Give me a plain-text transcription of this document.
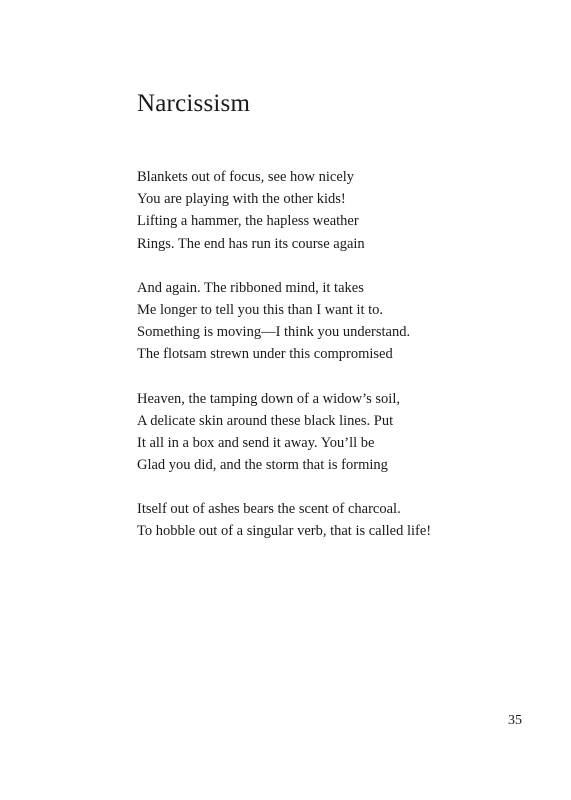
Narcissism
Blankets out of focus, see how nicely
You are playing with the other kids!
Lifting a hammer, the hapless weather
Rings. The end has run its course again
And again. The ribboned mind, it takes
Me longer to tell you this than I want it to.
Something is moving—I think you understand.
The flotsam strewn under this compromised
Heaven, the tamping down of a widow’s soil,
A delicate skin around these black lines. Put
It all in a box and send it away. You’ll be
Glad you did, and the storm that is forming
Itself out of ashes bears the scent of charcoal.
To hobble out of a singular verb, that is called life!
35
